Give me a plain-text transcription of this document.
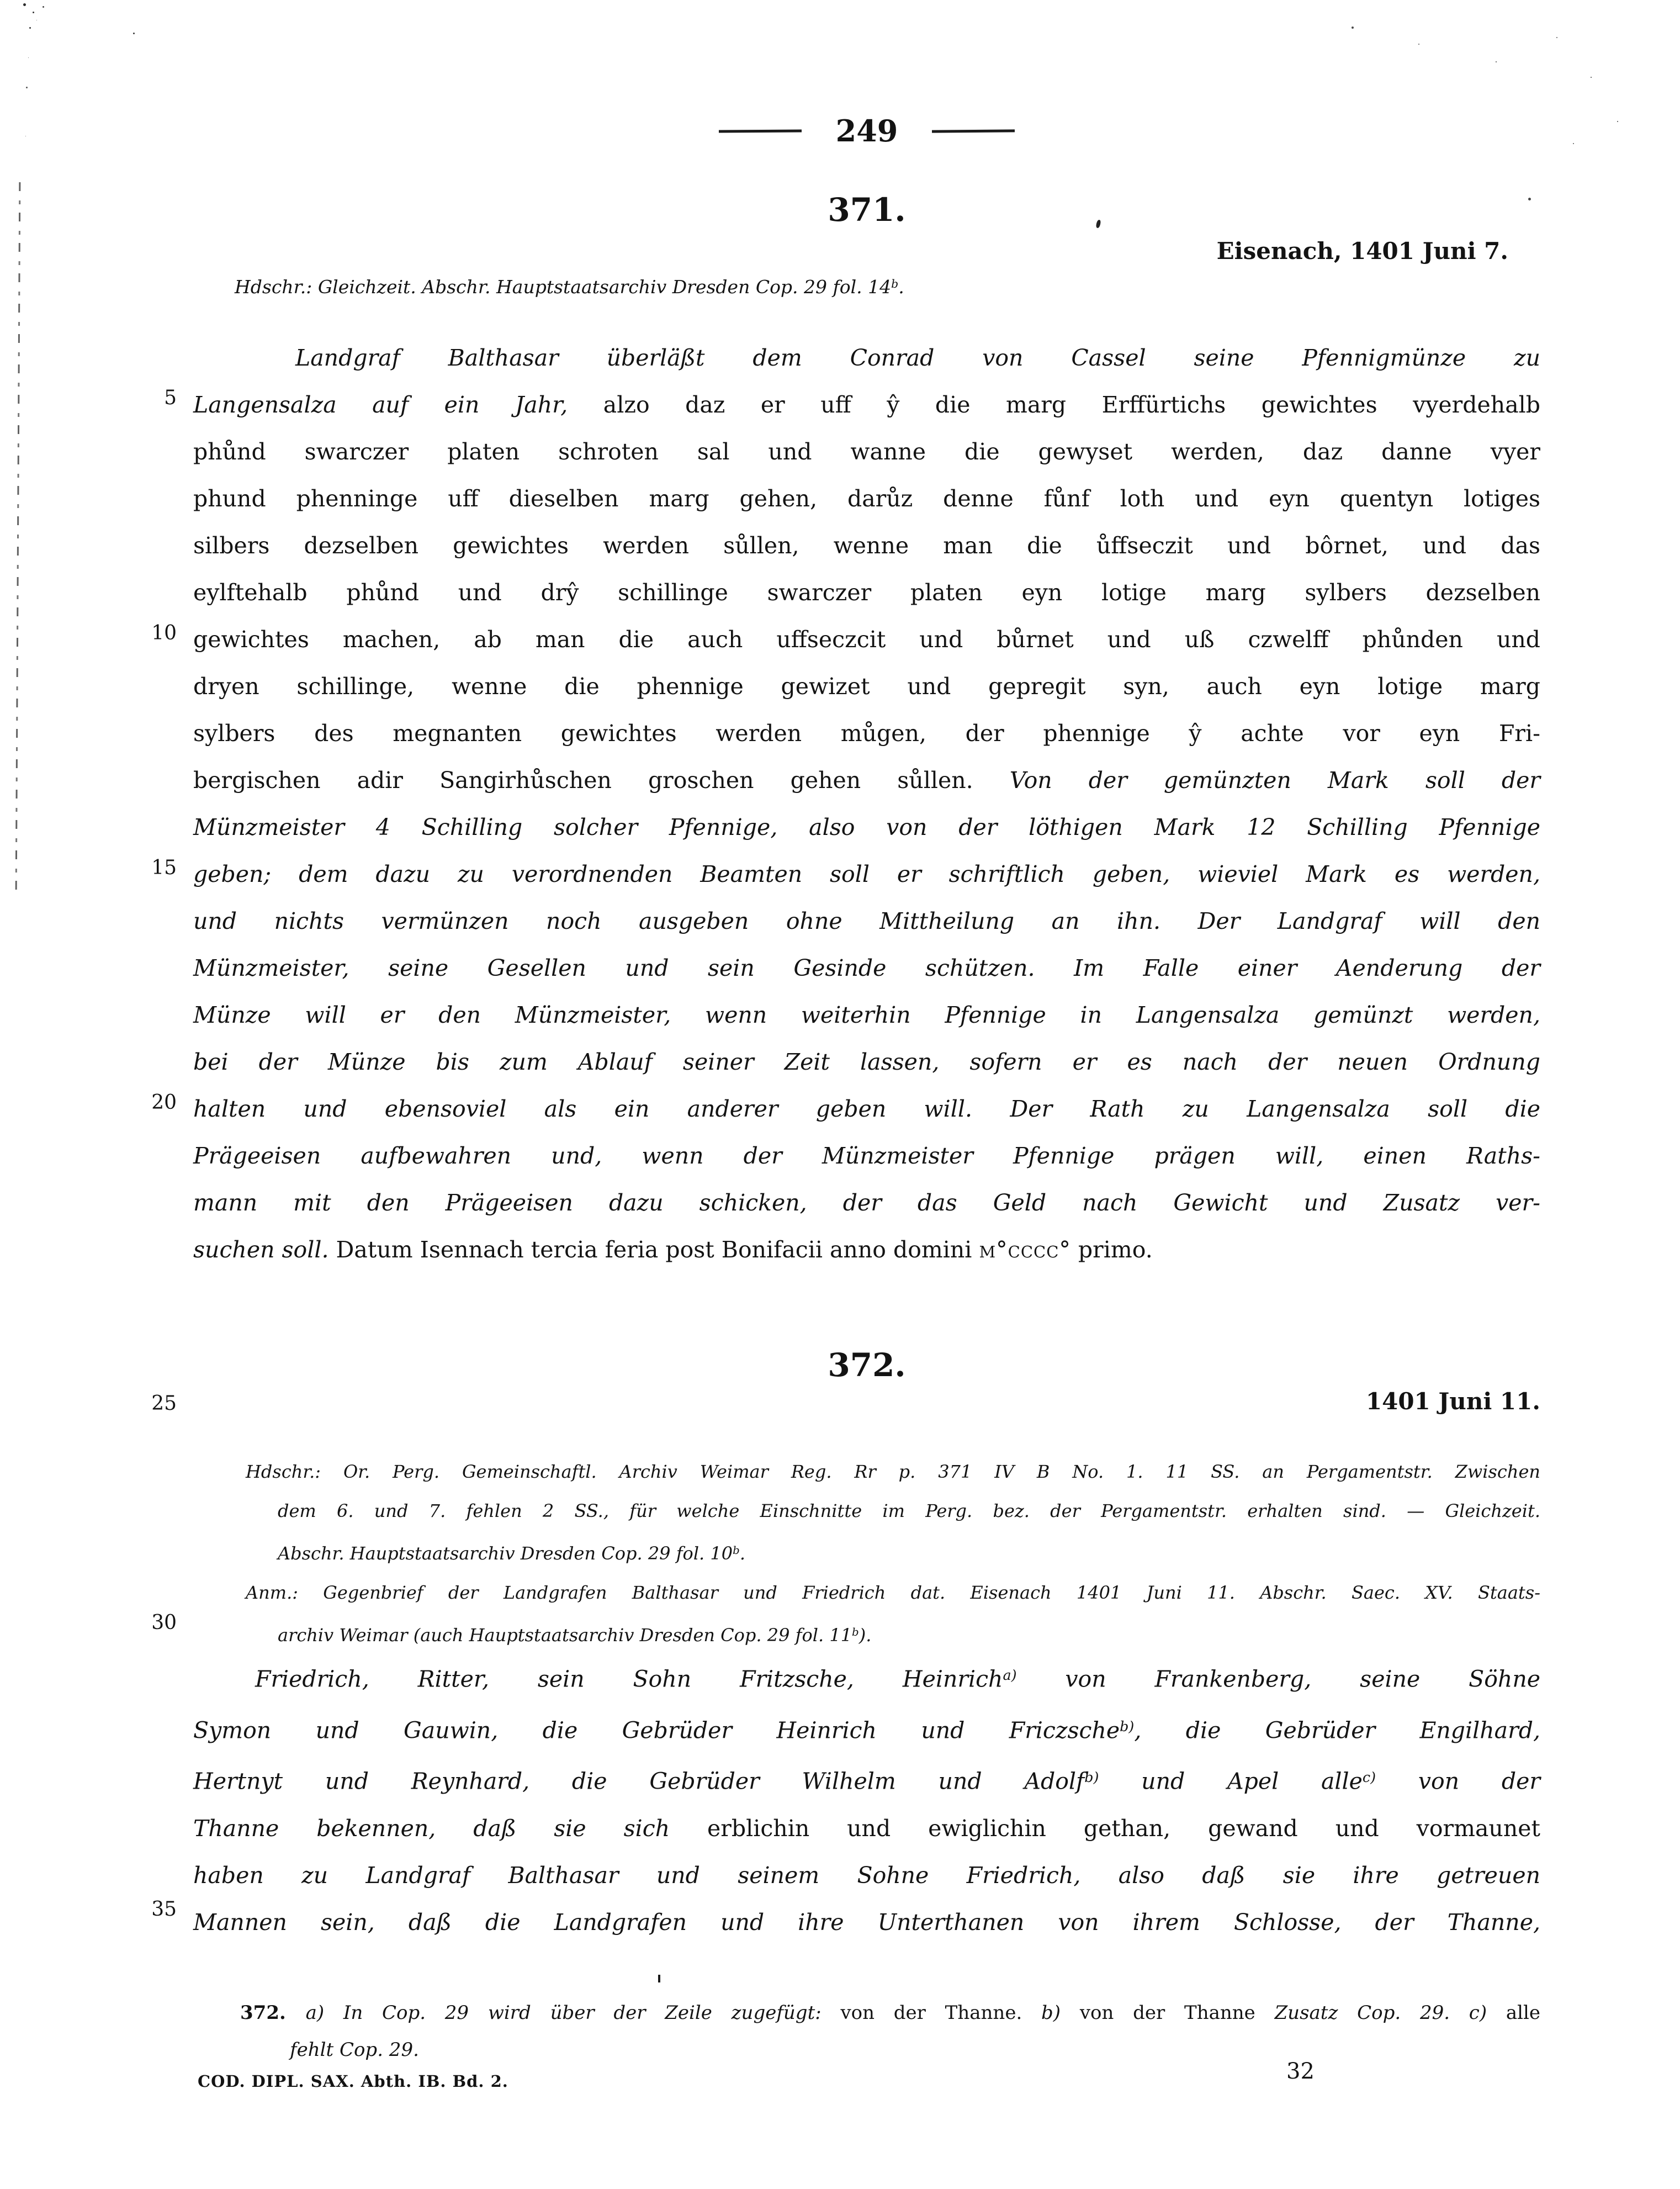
249
371.
Eisenach, 1401 Juni 7.
Hdschr.: Gleichzeit. Abschr. Hauptstaatsarchiv Dresden Cop. 29 fol. 14$^b$.
Landgraf Balthasar überläßt dem Conrad von Cassel seine Pfennigmünze zu
Langensalza auf ein Jahr, alzo daz er uff ŷ die marg Erffürtichs gewichtes vyerdehalb
phůnd swarczer platen schroten sal und wanne die gewyset werden, daz danne vyer
phund phenninge uff dieselben marg gehen, darůz denne fůnf loth und eyn quentyn lotiges
silbers dezselben gewichtes werden sůllen, wenne man die ůffseczit und bôrnet, und das
eylftehalb phůnd und drŷ schillinge swarczer platen eyn lotige marg sylbers dezselben
gewichtes machen, ab man die auch uffseczcit und bůrnet und uß czwelff phůnden und
dryen schillinge, wenne die phennige gewizet und gepregit syn, auch eyn lotige marg
sylbers des megnanten gewichtes werden můgen, der phennige ŷ achte vor eyn Fri-
bergischen adir Sangirhůschen groschen gehen sůllen. Von der gemünzten Mark soll der
Münzmeister 4 Schilling solcher Pfennige, also von der löthigen Mark 12 Schilling Pfennige
geben; dem dazu zu verordnenden Beamten soll er schriftlich geben, wieviel Mark es werden,
und nichts vermünzen noch ausgeben ohne Mittheilung an ihn. Der Landgraf will den
Münzmeister, seine Gesellen und sein Gesinde schützen. Im Falle einer Aenderung der
Münze will er den Münzmeister, wenn weiterhin Pfennige in Langensalza gemünzt werden,
bei der Münze bis zum Ablauf seiner Zeit lassen, sofern er es nach der neuen Ordnung
halten und ebensoviel als ein anderer geben will. Der Rath zu Langensalza soll die
Prägeeisen aufbewahren und, wenn der Münzmeister Pfennige prägen will, einen Raths-
mann mit den Prägeeisen dazu schicken, der das Geld nach Gewicht und Zusatz ver-
suchen soll. Datum Isennach tercia feria post Bonifacii anno domini m°cccc° primo.
372.
1401 Juni 11.
Hdschr.: Or. Perg. Gemeinschaftl. Archiv Weimar Reg. Rr p. 371 IV B No. 1. 11 SS. an Pergamentstr. Zwischen
dem 6. und 7. fehlen 2 SS., für welche Einschnitte im Perg. bez. der Pergamentstr. erhalten sind. — Gleichzeit.
Abschr. Hauptstaatsarchiv Dresden Cop. 29 fol. 10$^b$.
Anm.: Gegenbrief der Landgrafen Balthasar und Friedrich dat. Eisenach 1401 Juni 11. Abschr. Saec. XV. Staats-
archiv Weimar (auch Hauptstaatsarchiv Dresden Cop. 29 fol. 11$^b$).
Friedrich, Ritter, sein Sohn Fritzsche, Heinrich$^{a)}$ von Frankenberg, seine Söhne
Symon und Gauwin, die Gebrüder Heinrich und Friczsche$^{b)}$, die Gebrüder Engilhard,
Hertnyt und Reynhard, die Gebrüder Wilhelm und Adolf$^{b)}$ und Apel alle$^{c)}$ von der
Thanne bekennen, daß sie sich erblichin und ewiglichin gethan, gewand und vormaunet
haben zu Landgraf Balthasar und seinem Sohne Friedrich, also daß sie ihre getreuen
Mannen sein, daß die Landgrafen und ihre Unterthanen von ihrem Schlosse, der Thanne,
372. a) In Cop. 29 wird über der Zeile zugefügt: von der Thanne. b) von der Thanne Zusatz Cop. 29. c) alle
fehlt Cop. 29.
5
10
15
20
25
30
35
COD. DIPL. SAX. Abth. IB. Bd. 2.	32
